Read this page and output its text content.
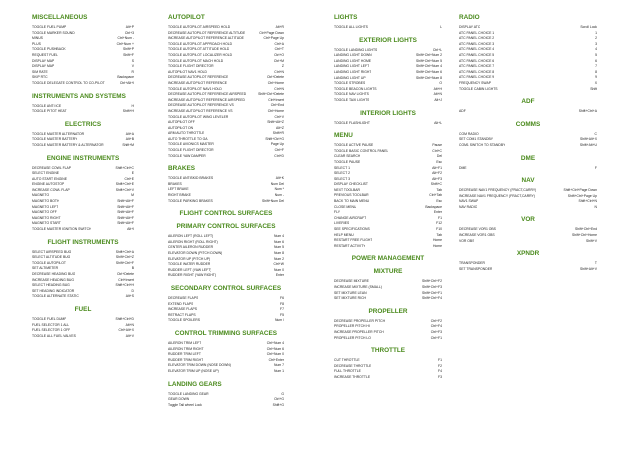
MISCELLANEOUS
TOGGLE FUEL PUMP	Alt+P
TOGGLE MARKER SOUND	Ctrl+3
MINUS	Ctrl+Num -
PLUS	Ctrl+Num +
TOGGLE PUSHBACK	Shift+P
REQUEST FUEL	Shift+F
DISPLAY MAP	S
DISPLAY MAP	V
SIM RATE	R
SKIP RTC	Backspace
TOGGLE DELEGATE CONTROL TO CO-PILOT	Ctrl+Alt+I
INSTRUMENTS AND SYSTEMS
TOGGLE ANTI ICE	H
TOGGLE PITOT HEAT	Shift+H
ELECTRICS
TOGGLE MASTER ALTERNATOR	Alt+A
TOGGLE MASTER BATTERY	Alt+B
TOGGLE MASTER BATTERY & ALTERNATOR	Shift+M
ENGINE INSTRUMENTS
DECREASE COWL FLAP	Shift+Ctrl+C
SELECT ENGINE	E
AUTO START ENGINE	Ctrl+E
ENGINE AUTOSTOP	Shift+Ctrl+E
INCREASE COWL FLAP	Shift+Ctrl+V
MAGNETO	M
MAGNETO BOTH	Shift+Alt+F
MAGNETO LEFT	Shift+Alt+F
MAGNETO OFF	Shift+Alt+F
MAGNETO RIGHT	Shift+Alt+F
MAGNETO START	Shift+Alt+F
TOGGLE MASTER IGNITION SWITCH	Alt+I
FLIGHT INSTRUMENTS
SELECT AIRSPEED BUG	Shift+Ctrl+A
SELECT ALTITUDE BUG	Shift+Ctrl+Z
TOGGLE AUTOPILOT	Shift+Ctrl+F
SET ALTIMETER	B
DECREASE HEADING BUG	Ctrl+Delete
INCREASE HEADING BUG	Ctrl+Insert
SELECT HEADING BUG	Shift+Ctrl+H
SET HEADING INDICATOR	D
TOGGLE ALTERNATE STATIC	Alt+S
FUEL
TOGGLE FUEL DUMP	Shift+Ctrl+D
FUEL SELECTOR 1 ALL	Alt+N
FUEL SELECTOR 1 OFF	Ctrl+Alt+X
TOGGLE ALL FUEL VALVES	Alt+V
AUTOPILOT
TOGGLE AUTOPILOT AIRSPEED HOLD	Alt+R
DECREASE AUTOPILOT REFERENCE ALTITUDE	Ctrl+Page Down
INCREASE AUTOPILOT REFERENCE ALTITUDE	Ctrl+Page Up
TOGGLE AUTOPILOT APPROACH HOLD	Ctrl+A
TOGGLE AUTOPILOT ATTITUDE HOLD	Ctrl+T
TOGGLE AUTOPILOT LOCALIZER HOLD	Ctrl+O
TOGGLE AUTOPILOT MACH HOLD	Ctrl+M
TOGGLE FLIGHT DIRECTOR	Z
AUTOPILOT NAV1 HOLD	Ctrl+N
DECREASE AUTOPILOT REFERENCE	Ctrl+Delete
INCREASE AUTOPILOT REFERENCE	Ctrl+Home
TOGGLE AUTOPILOT NAV1 HOLD	Ctrl+N
DECREASE AUTOPILOT REFERENCE AIRSPEED	Shift+Ctrl+Delete
INCREASE AUTOPILOT REFERENCE AIRSPEED	Ctrl+Insert
DECREASE AUTOPILOT REFERENCE VS	Ctrl+End
INCREASE AUTOPILOT REFERENCE VS	Ctrl+Home
TOGGLE AUTOPILOT WING LEVELER	Ctrl+V
AUTOPILOT OFF	Shift+Alt+Z
AUTOPILOT ON	Alt+Z
ARM AUTO THROTTLE	Shift+R
AUTO THROTTLE TO GA	Shift+Ctrl+G
TOGGLE AVIONICS MASTER	Page Up
TOGGLE FLIGHT DIRECTOR	Ctrl+F
TOGGLE YAW DAMPER	Ctrl+D
BRAKES
TOGGLE ANTISKID BRAKES	Alt+K
BRAKES	Num Del
LEFT BRAKE	Num *
RIGHT BRAKE	Num -
TOGGLE PARKING BRAKES	Shift+Num Del
FLIGHT CONTROL SURFACES
PRIMARY CONTROL SURFACES
AILERON LEFT (ROLL LEFT)	Num 4
AILERON RIGHT (ROLL RIGHT)	Num 6
CENTER AILERON RUDDER	Num 5
ELEVATOR DOWN (PITCH DOWN)	Num 8
ELEVATOR UP (PITCH UP)	Num 2
TOGGLE WATER RUDDER	Ctrl+W
RUDDER LEFT (YAW LEFT)	Num 0
RUDDER RIGHT (YAW RIGHT)	Enter
SECONDARY CONTROL SURFACES
DECREASE FLAPS	F6
EXTEND FLAPS	F8
INCREASE FLAPS	F7
RETRACT FLAPS	F5
TOGGLE SPOILERS	Num /
CONTROL TRIMMING SURFACES
AILERON TRIM LEFT	Ctrl+Num 4
AILERON TRIM RIGHT	Ctrl+Num 6
RUDDER TRIM LEFT	Ctrl+Num 0
RUDDER TRIM RIGHT	Ctrl+Enter
ELEVATOR TRIM DOWN (NOSE DOWN)	Num 7
ELEVATOR TRIM UP (NOSE UP)	Num 1
LANDING GEARS
TOGGLE LANDING GEAR	G
GEAR DOWN	Ctrl+G
Toggle Tail wheel Lock	Shift+G
LIGHTS
TOGGLE ALL LIGHTS	L
EXTERIOR LIGHTS
TOGGLE LANDING LIGHTS	Ctrl+L
LANDING LIGHT DOWN	Shift+Ctrl+Num 2
LANDING LIGHT HOME	Shift+Ctrl+Num 5
LANDING LIGHT LEFT	Shift+Ctrl+Num 4
LANDING LIGHT RIGHT	Shift+Ctrl+Num 6
LANDING LIGHT UP	Shift+Ctrl+Num 8
TOGGLE STROBES	O
TOGGLE BEACON LIGHTS	Alt+H
TOGGLE NAV LIGHTS	Alt+N
TOGGLE TAXI LIGHTS	Alt+J
INTERIOR LIGHTS
TOGGLE FLASHLIGHT	Alt+L
MENU
TOGGLE ACTIVE PAUSE	Pause
TOGGLE BASIC CONTROL PANEL	Ctrl+C
CLEAR SEARCH	Del
TOGGLE PAUSE	Esc
SELECT 1	Alt+F1
SELECT 2	Alt+F2
SELECT 3	Alt+F3
DISPLAY CHECKLIST	Shift+C
NEXT TOOLBAR	Tab
PREVIOUS TOOLBAR	Ctrl+Tab
BACK TO MAIN MENU	Esc
CLOSE MENU	Backspace
FLY	Enter
CHANGE AIRCRAFT	F1
LIVERIES	F12
SEE SPECIFICATIONS	F10
HELP MENU	Tab
RESTART FREE FLIGHT	Home
RESTART ACTIVITY	Home
POWER MANAGEMENT
MIXTURE
DECREASE MIXTURE	Shift+Ctrl+F2
INCREASE MIXTURE (SMALL)	Shift+Ctrl+F3
SET MIXTURE LEAN	Shift+Ctrl+F1
SET MIXTURE RICH	Shift+Ctrl+F4
PROPELLER
DECREASE PROPELLER PITCH	Ctrl+F2
PROPELLER PITCH HI	Ctrl+F4
INCREASE PROPELLER PITCH	Ctrl+F3
PROPELLER PITCH LO	Ctrl+F1
THROTTLE
CUT THROTTLE	F1
DECREASE THROTTLE	F2
FULL THROTTLE	F4
INCREASE THROTTLE	F3
RADIO
DISPLAY ATC	Scroll Lock
ATC PANEL CHOICE 1	1
ATC PANEL CHOICE 2	2
ATC PANEL CHOICE 3	3
ATC PANEL CHOICE 4	4
ATC PANEL CHOICE 5	5
ATC PANEL CHOICE 6	6
ATC PANEL CHOICE 7	7
ATC PANEL CHOICE 8	8
ATC PANEL CHOICE 9	9
FREQUENCY SWAP	X
TOGGLE CABIN LIGHTS	Shift
ADF
ADF	Shift+Ctrl+A
COMMS
COM RADIO	C
SET COM1 STANDBY	Shift+Alt+X
COM1 SWITCH TO STANDBY	Shift+Alt+U
DME
DME	F
NAV
DECREASE NAV1 FREQUENCY (FRACT,CARRY)	Shift+Ctrl+Page Down
INCREASE NAV1 FREQUENCY (FRACT,CARRY)	Shift+Ctrl+Page Up
NAV1 SWAP	Shift+Ctrl+N
NAV RADIO	N
VOR
DECREASE VOR1 OBS	Shift+Ctrl+End
INCREASE VOR1 OBS	Shift+Ctrl+Home
VOR OBS	Shift+V
XPNDR
TRANSPONDER	T
SET TRANSPONDER	Shift+Alt+V
